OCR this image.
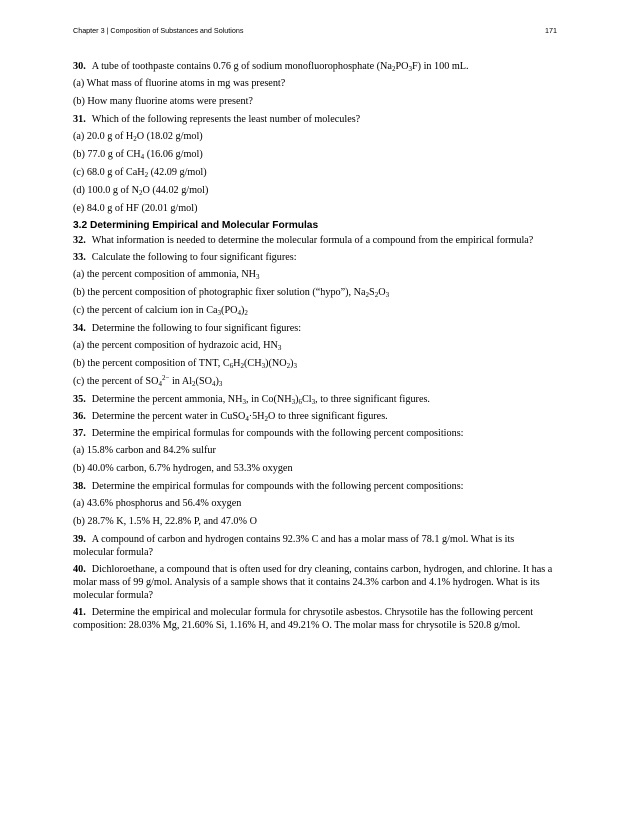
Chapter 3 | Composition of Substances and Solutions	171

30. A tube of toothpaste contains 0.76 g of sodium monofluorophosphate $(Na_2PO_3F)$ in 100 mL.

(a) What mass of fluorine atoms in mg was present?

(b) How many fluorine atoms were present?

31. Which of the following represents the least number of molecules?

(a) 20.0 g of $H_2O$ (18.02 g/mol)

(b) 77.0 g of $CH_4$ (16.06 g/mol)

(c) 68.0 g of CaH$_2$ (42.09 g/mol)

(d) 100.0 g of $N_2O$ (44.02 g/mol)

(e) 84.0 g of HF (20.01 g/mol)

3.2 Determining Empirical and Molecular Formulas

32. What information is needed to determine the molecular formula of a compound from the empirical formula?

33. Calculate the following to four significant figures:

(a) the percent composition of ammonia, $NH_3$

(b) the percent composition of photographic fixer solution (“hypo”), $Na_2S_2O_3$

(c) the percent of calcium ion in $Ca_3(PO_4)_2$

34. Determine the following to four significant figures:

(a) the percent composition of hydrazoic acid, $HN_3$

(b) the percent composition of TNT, $C_6H_2(CH_3)(NO_2)_3$

(c) the percent of $SO_4^{2-}$ in $Al_2(SO_4)_3$

35. Determine the percent ammonia, $NH_3$, in $Co(NH_3)_6Cl_3$, to three significant figures.

36. Determine the percent water in $CuSO_4\cdot 5H_2O$ to three significant figures.

37. Determine the empirical formulas for compounds with the following percent compositions:

(a) 15.8% carbon and 84.2% sulfur

(b) 40.0% carbon, 6.7% hydrogen, and 53.3% oxygen

38. Determine the empirical formulas for compounds with the following percent compositions:

(a) 43.6% phosphorus and 56.4% oxygen

(b) 28.7% K, 1.5% H, 22.8% P, and 47.0% O

39. A compound of carbon and hydrogen contains 92.3% C and has a molar mass of 78.1 g/mol. What is its molecular formula?

40. Dichloroethane, a compound that is often used for dry cleaning, contains carbon, hydrogen, and chlorine. It has a molar mass of 99 g/mol. Analysis of a sample shows that it contains 24.3% carbon and 4.1% hydrogen. What is its molecular formula?

41. Determine the empirical and molecular formula for chrysotile asbestos. Chrysotile has the following percent composition: 28.03% Mg, 21.60% Si, 1.16% H, and 49.21% O. The molar mass for chrysotile is 520.8 g/mol.
